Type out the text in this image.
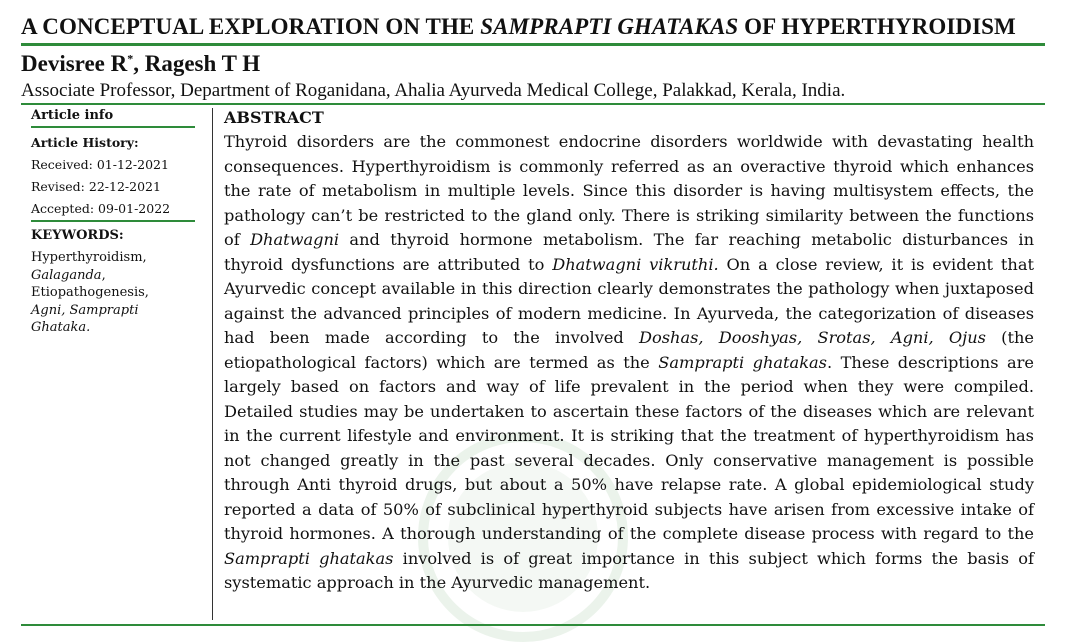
A CONCEPTUAL EXPLORATION ON THE SAMPRAPTI GHATAKAS OF HYPERTHYROIDISM
Devisree R*, Ragesh T H
Associate Professor, Department of Roganidana, Ahalia Ayurveda Medical College, Palakkad, Kerala, India.
Article info
Article History:
Received: 01-12-2021
Revised: 22-12-2021
Accepted: 09-01-2022
KEYWORDS:
Hyperthyroidism,
Galaganda,
Etiopathogenesis,
Agni, Samprapti
Ghataka.
ABSTRACT
Thyroid disorders are the commonest endocrine disorders worldwide with devastating health consequences. Hyperthyroidism is commonly referred as an overactive thyroid which enhances the rate of metabolism in multiple levels. Since this disorder is having multisystem effects, the pathology can’t be restricted to the gland only. There is striking similarity between the functions of Dhatwagni and thyroid hormone metabolism. The far reaching metabolic disturbances in thyroid dysfunctions are attributed to Dhatwagni vikruthi. On a close review, it is evident that Ayurvedic concept available in this direction clearly demonstrates the pathology when juxtaposed against the advanced principles of modern medicine. In Ayurveda, the categorization of diseases had been made according to the involved Doshas, Dooshyas, Srotas, Agni, Ojus (the etiopathological factors) which are termed as the Samprapti ghatakas. These descriptions are largely based on factors and way of life prevalent in the period when they were compiled. Detailed studies may be undertaken to ascertain these factors of the diseases which are relevant in the current lifestyle and environment. It is striking that the treatment of hyperthyroidism has not changed greatly in the past several decades. Only conservative management is possible through Anti thyroid drugs, but about a 50% have relapse rate. A global epidemiological study reported a data of 50% of subclinical hyperthyroid subjects have arisen from excessive intake of thyroid hormones. A thorough understanding of the complete disease process with regard to the Samprapti ghatakas involved is of great importance in this subject which forms the basis of systematic approach in the Ayurvedic management.
